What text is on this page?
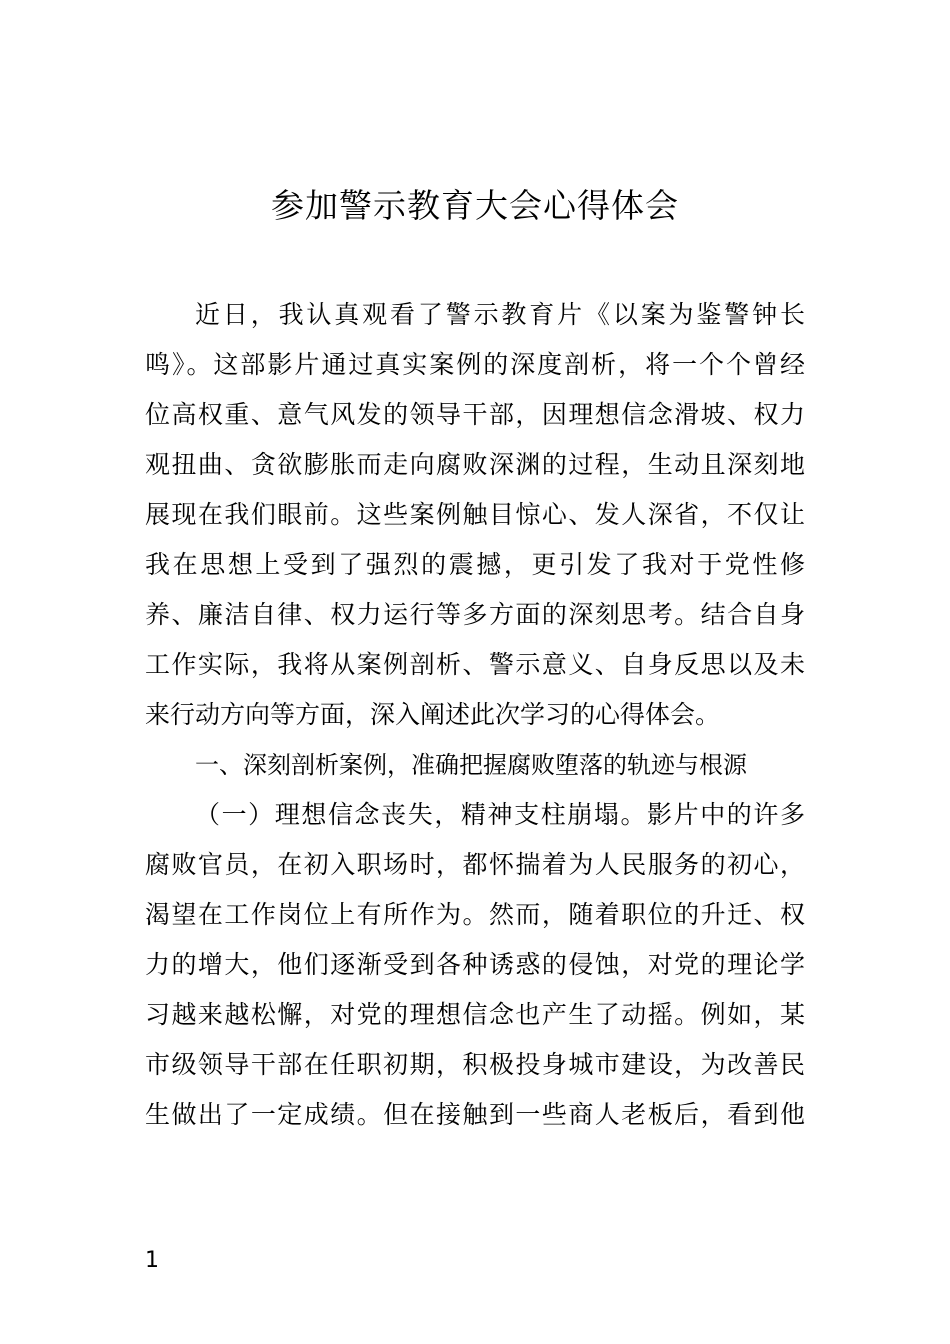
参加警示教育大会心得体会
近日，我认真观看了警示教育片《以案为鉴警钟长
鸣》。这部影片通过真实案例的深度剖析，将一个个曾经
位高权重、意气风发的领导干部，因理想信念滑坡、权力
观扭曲、贪欲膨胀而走向腐败深渊的过程，生动且深刻地
展现在我们眼前。这些案例触目惊心、发人深省，不仅让
我在思想上受到了强烈的震撼，更引发了我对于党性修
养、廉洁自律、权力运行等多方面的深刻思考。结合自身
工作实际，我将从案例剖析、警示意义、自身反思以及未
来行动方向等方面，深入阐述此次学习的心得体会。
一、深刻剖析案例，准确把握腐败堕落的轨迹与根源
（一）理想信念丧失，精神支柱崩塌。影片中的许多
腐败官员，在初入职场时，都怀揣着为人民服务的初心，
渴望在工作岗位上有所作为。然而，随着职位的升迁、权
力的增大，他们逐渐受到各种诱惑的侵蚀，对党的理论学
习越来越松懈，对党的理想信念也产生了动摇。例如，某
市级领导干部在任职初期，积极投身城市建设，为改善民
生做出了一定成绩。但在接触到一些商人老板后，看到他
1
